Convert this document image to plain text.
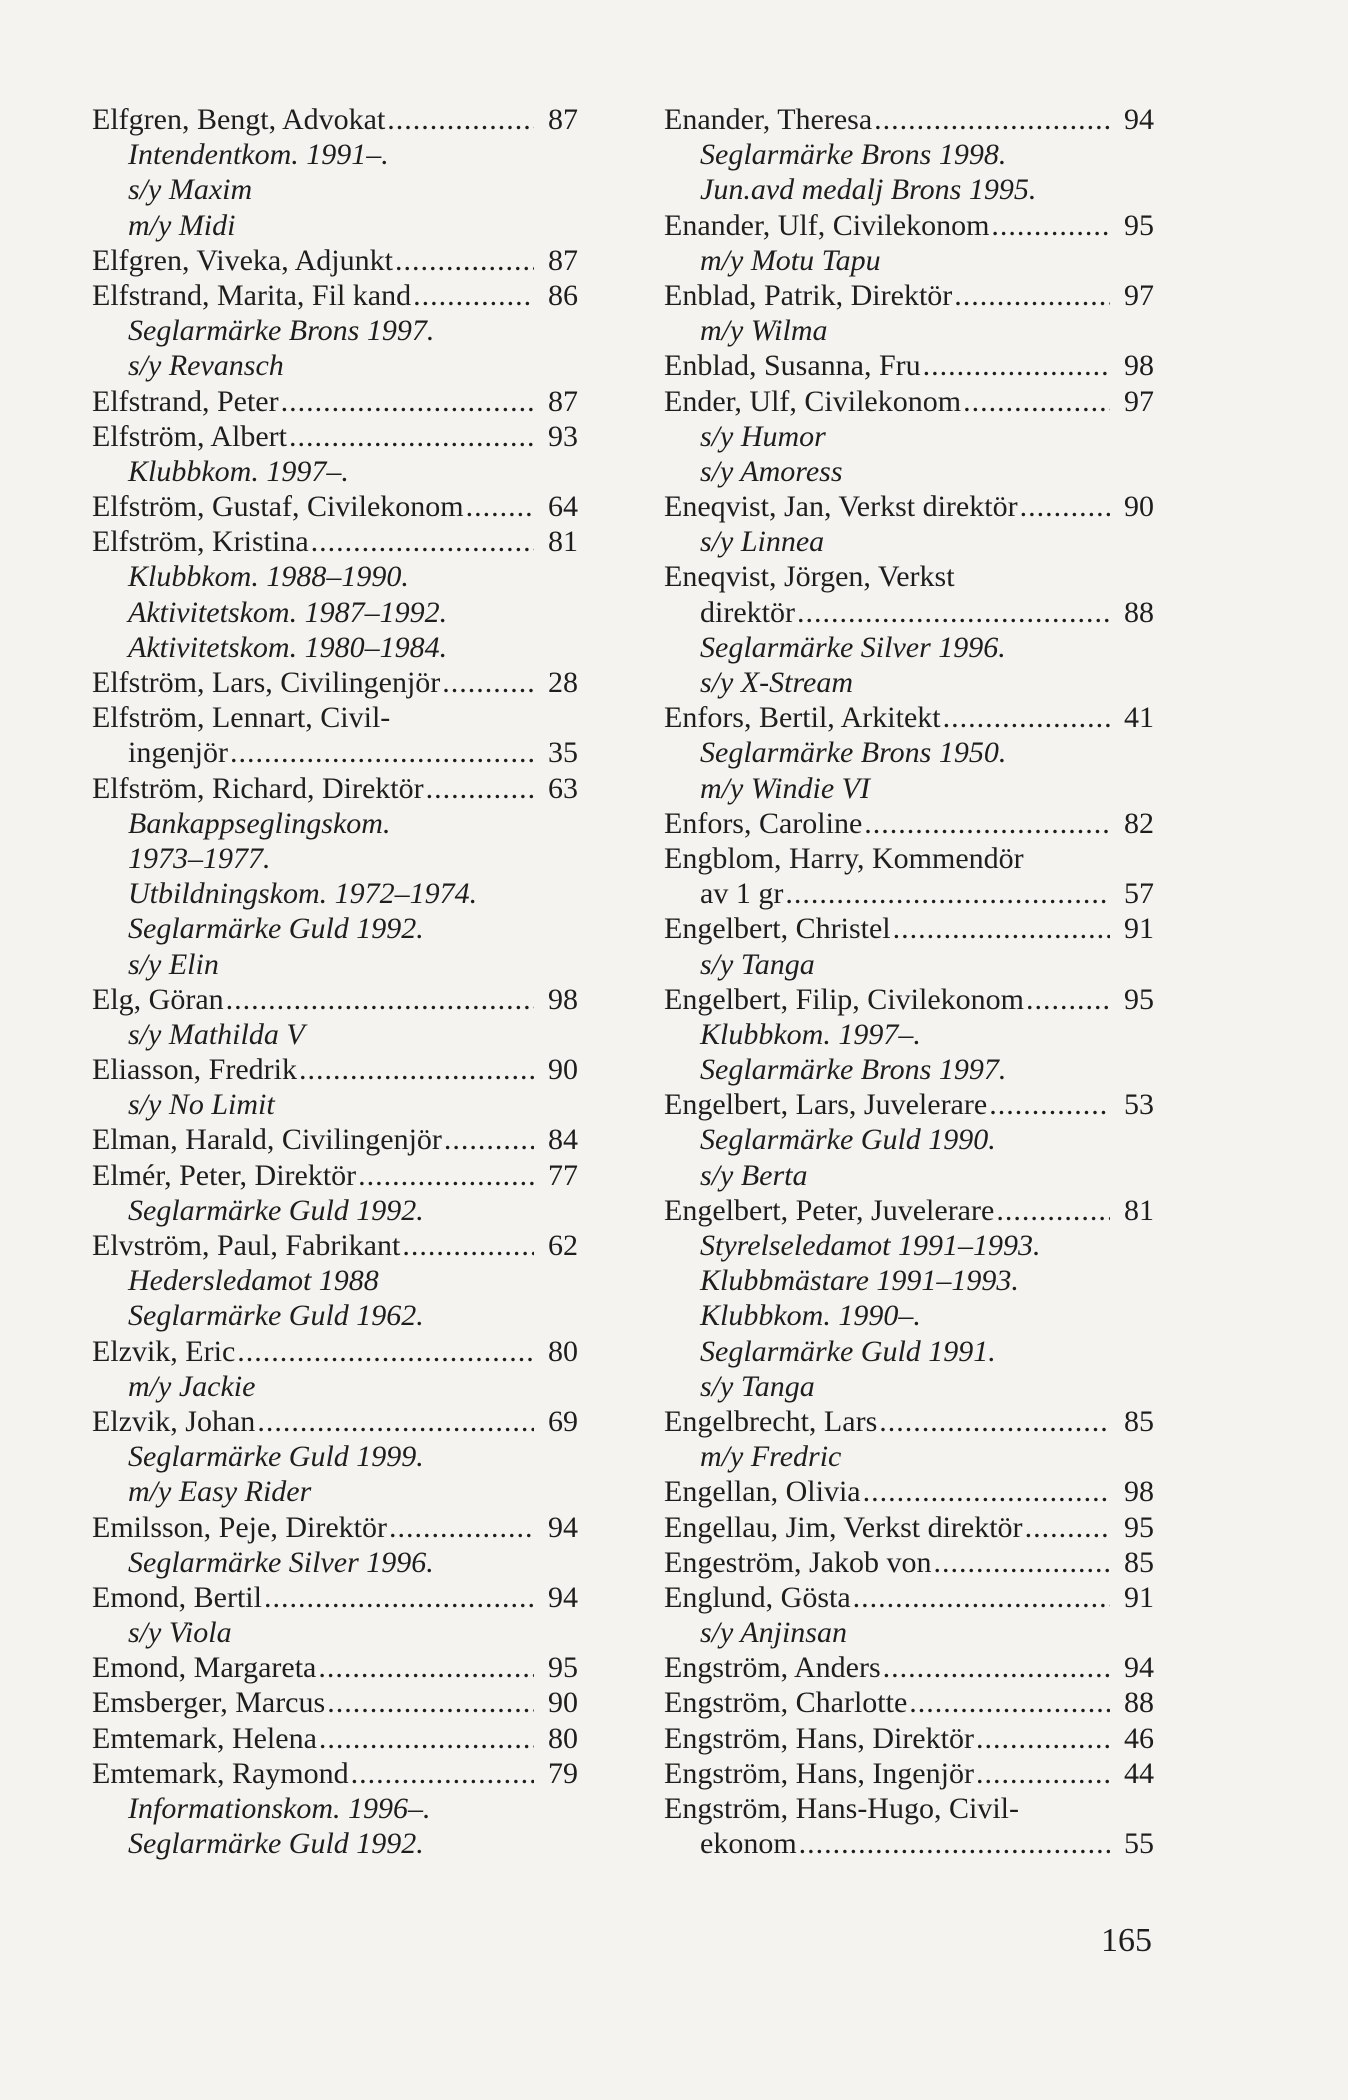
Elfgren, Bengt, Advokat .....	87
Intendentkom. 1991–.
s/y Maxim
m/y Midi
Elfgren, Viveka, Adjunkt .....	87
Elfstrand, Marita, Fil kand .....	86
Seglarmärke Brons 1997.
s/y Revansch
Elfstrand, Peter .....	87
Elfström, Albert .....	93
Klubbkom. 1997–.
Elfström, Gustaf, Civilekonom .....	64
Elfström, Kristina .....	81
Klubbkom. 1988–1990.
Aktivitetskom. 1987–1992.
Aktivitetskom. 1980–1984.
Elfström, Lars, Civilingenjör .....	28
Elfström, Lennart, Civil-
ingenjör .....	35
Elfström, Richard, Direktör .....	63
Bankappseglingskom.
1973–1977.
Utbildningskom. 1972–1974.
Seglarmärke Guld 1992.
s/y Elin
Elg, Göran .....	98
s/y Mathilda V
Eliasson, Fredrik .....	90
s/y No Limit
Elman, Harald, Civilingenjör .....	84
Elmér, Peter, Direktör .....	77
Seglarmärke Guld 1992.
Elvström, Paul, Fabrikant .....	62
Hedersledamot 1988
Seglarmärke Guld 1962.
Elzvik, Eric .....	80
m/y Jackie
Elzvik, Johan .....	69
Seglarmärke Guld 1999.
m/y Easy Rider
Emilsson, Peje, Direktör .....	94
Seglarmärke Silver 1996.
Emond, Bertil .....	94
s/y Viola
Emond, Margareta .....	95
Emsberger, Marcus .....	90
Emtemark, Helena .....	80
Emtemark, Raymond .....	79
Informationskom. 1996–.
Seglarmärke Guld 1992.
Enander, Theresa .....	94
Seglarmärke Brons 1998.
Jun.avd medalj Brons 1995.
Enander, Ulf, Civilekonom .....	95
m/y Motu Tapu
Enblad, Patrik, Direktör .....	97
m/y Wilma
Enblad, Susanna, Fru .....	98
Ender, Ulf, Civilekonom .....	97
s/y Humor
s/y Amoress
Eneqvist, Jan, Verkst direktör .....	90
s/y Linnea
Eneqvist, Jörgen, Verkst
direktör .....	88
Seglarmärke Silver 1996.
s/y X-Stream
Enfors, Bertil, Arkitekt .....	41
Seglarmärke Brons 1950.
m/y Windie VI
Enfors, Caroline .....	82
Engblom, Harry, Kommendör
av 1 gr .....	57
Engelbert, Christel .....	91
s/y Tanga
Engelbert, Filip, Civilekonom .....	95
Klubbkom. 1997–.
Seglarmärke Brons 1997.
Engelbert, Lars, Juvelerare .....	53
Seglarmärke Guld 1990.
s/y Berta
Engelbert, Peter, Juvelerare .....	81
Styrelseledamot 1991–1993.
Klubbmästare 1991–1993.
Klubbkom. 1990–.
Seglarmärke Guld 1991.
s/y Tanga
Engelbrecht, Lars .....	85
m/y Fredric
Engellan, Olivia .....	98
Engellau, Jim, Verkst direktör .....	95
Engeström, Jakob von .....	85
Englund, Gösta .....	91
s/y Anjinsan
Engström, Anders .....	94
Engström, Charlotte .....	88
Engström, Hans, Direktör .....	46
Engström, Hans, Ingenjör .....	44
Engström, Hans-Hugo, Civil-
ekonom .....	55
165
